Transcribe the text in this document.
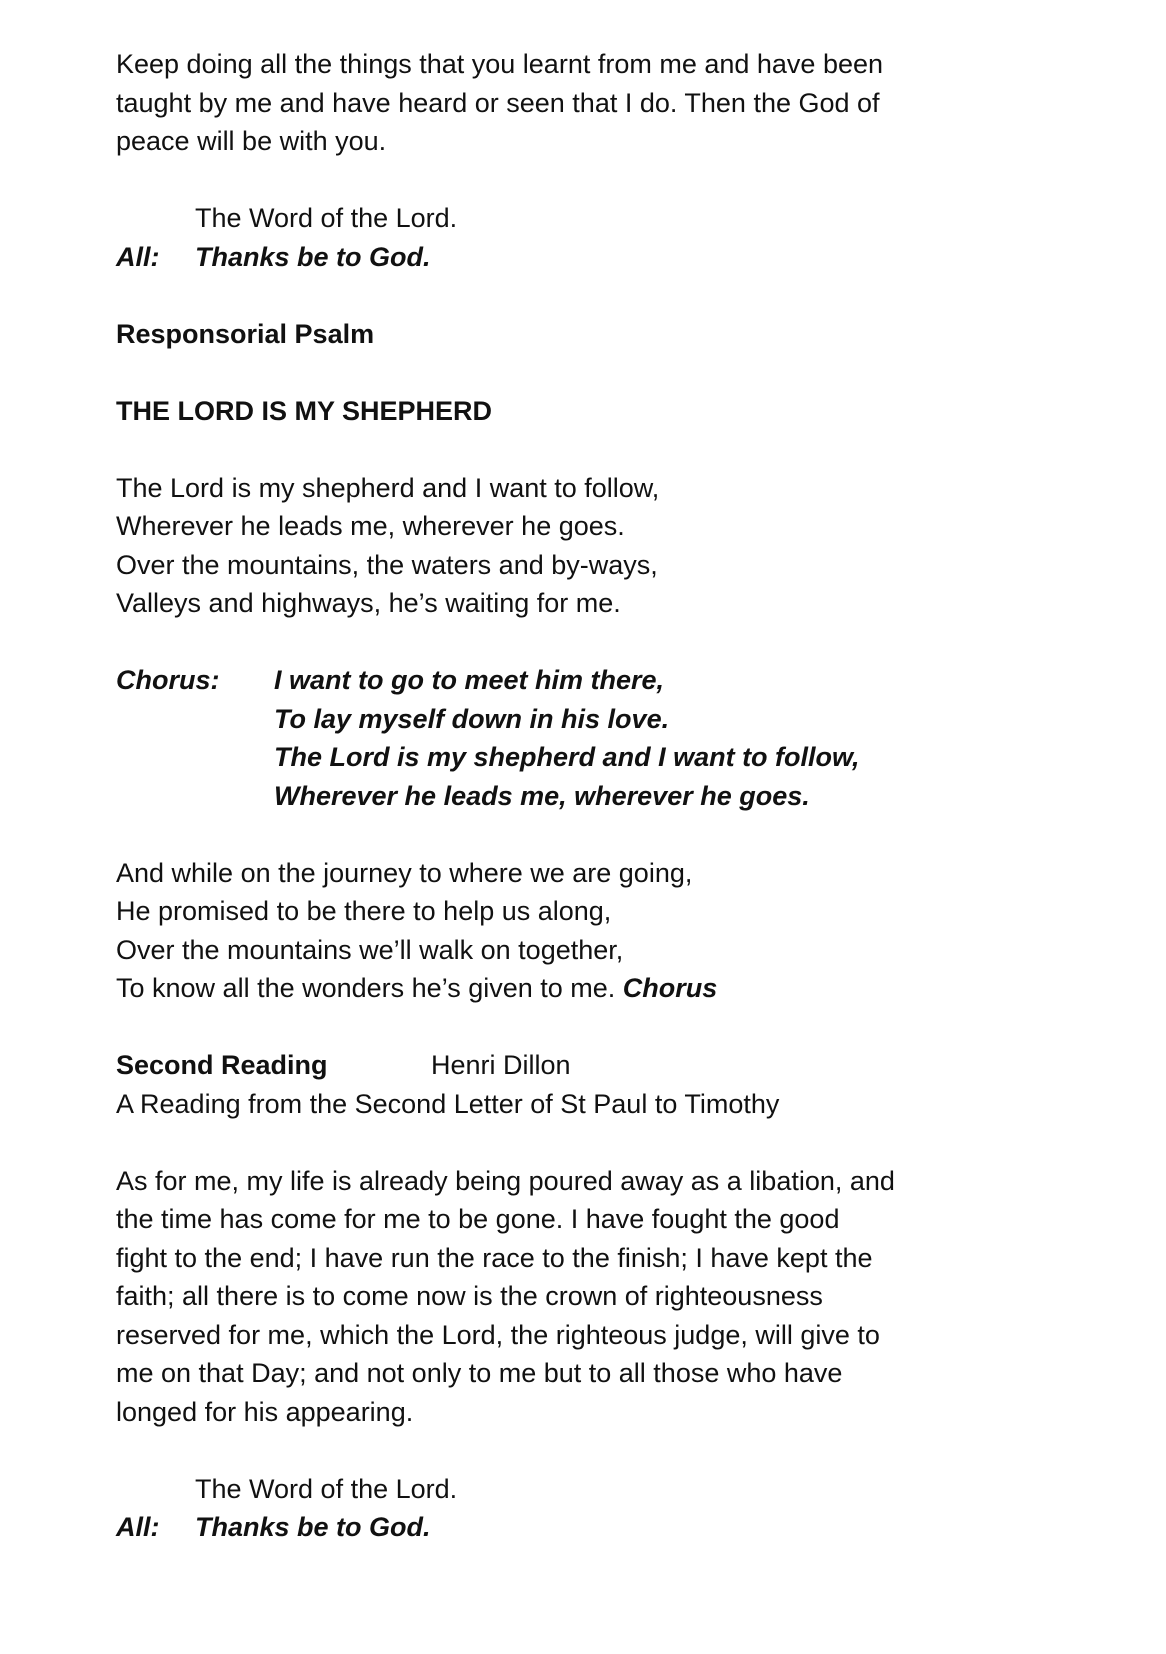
Keep doing all the things that you learnt from me and have been
taught by me and have heard or seen that I do. Then the God of
peace will be with you.
The Word of the Lord.
All:	Thanks be to God.
Responsorial Psalm
THE LORD IS MY SHEPHERD
The Lord is my shepherd and I want to follow,
Wherever he leads me, wherever he goes.
Over the mountains, the waters and by-ways,
Valleys and highways, he’s waiting for me.
Chorus:	I want to go to meet him there,
To lay myself down in his love.
The Lord is my shepherd and I want to follow,
Wherever he leads me, wherever he goes.
And while on the journey to where we are going,
He promised to be there to help us along,
Over the mountains we’ll walk on together,
To know all the wonders he’s given to me. Chorus
Second Reading	Henri Dillon
A Reading from the Second Letter of St Paul to Timothy
As for me, my life is already being poured away as a libation, and
the time has come for me to be gone. I have fought the good
fight to the end; I have run the race to the finish; I have kept the
faith; all there is to come now is the crown of righteousness
reserved for me, which the Lord, the righteous judge, will give to
me on that Day; and not only to me but to all those who have
longed for his appearing.
The Word of the Lord.
All:	Thanks be to God.
